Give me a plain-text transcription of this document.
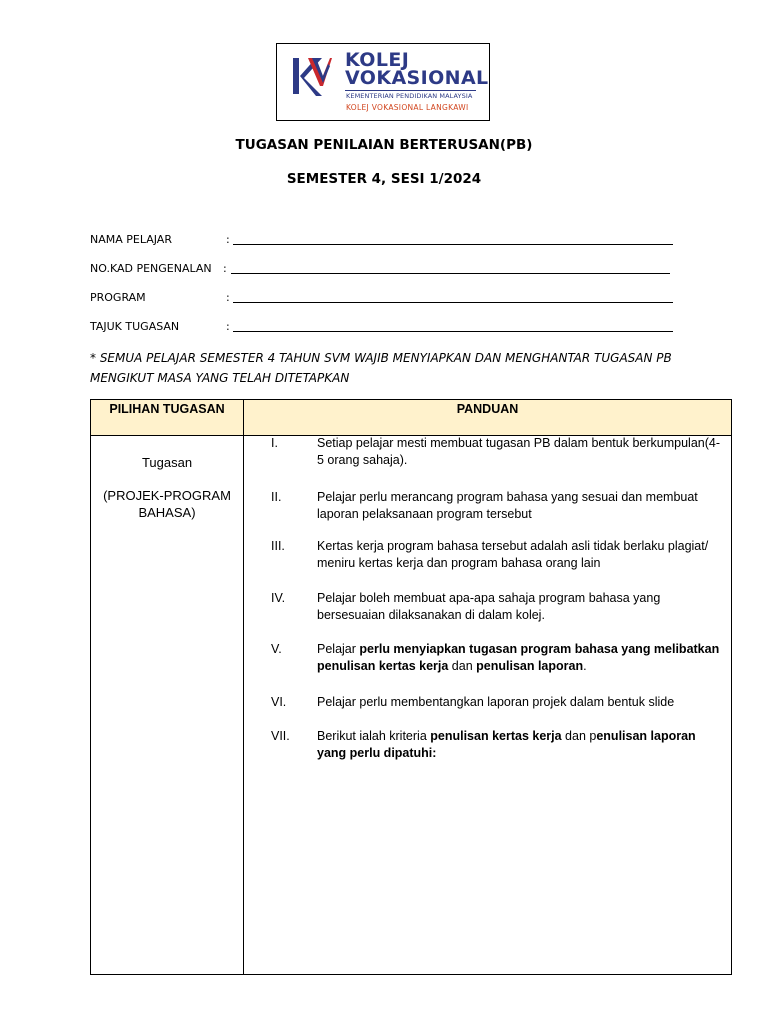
KOLEJ
VOKASIONAL
KEMENTERIAN PENDIDIKAN MALAYSIA
KOLEJ VOKASIONAL LANGKAWI
TUGASAN PENILAIAN BERTERUSAN(PB)
SEMESTER 4, SESI 1/2024
NAMA PELAJAR	:
NO.KAD PENGENALAN :
PROGRAM	:
TAJUK TUGASAN	:
* SEMUA PELAJAR SEMESTER 4 TAHUN SVM WAJIB MENYIAPKAN DAN MENGHANTAR TUGASAN PB MENGIKUT MASA YANG TELAH DITETAPKAN
PILIHAN TUGASAN	PANDUAN
Tugasan
(PROJEK-PROGRAM BAHASA)
I.	Setiap pelajar mesti membuat tugasan PB dalam bentuk berkumpulan(4-5 orang sahaja).
II.	Pelajar perlu merancang program bahasa yang sesuai dan membuat laporan pelaksanaan program tersebut
III.	Kertas kerja program bahasa tersebut adalah asli tidak berlaku plagiat/ meniru kertas kerja dan program bahasa orang lain
IV.	Pelajar boleh membuat apa-apa sahaja program bahasa yang bersesuaian dilaksanakan di dalam kolej.
V.	Pelajar perlu menyiapkan tugasan program bahasa yang melibatkan penulisan kertas kerja dan penulisan laporan.
VI. Pelajar perlu membentangkan laporan projek dalam bentuk slide
VII. Berikut ialah kriteria penulisan kertas kerja dan penulisan laporan yang perlu dipatuhi:
